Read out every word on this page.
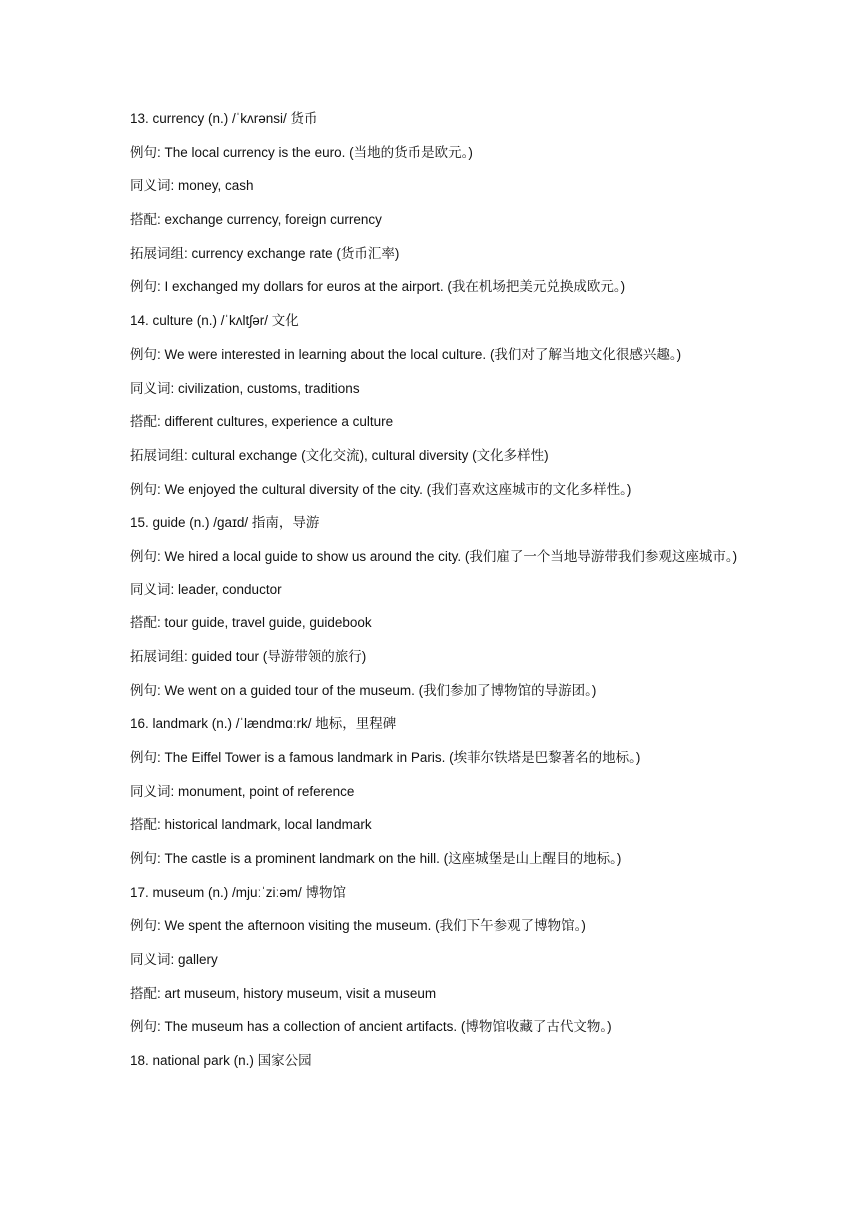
13. currency (n.) /ˈkʌrənsi/ 货币
例句: The local currency is the euro. (当地的货币是欧元。)
同义词: money, cash
搭配: exchange currency, foreign currency
拓展词组: currency exchange rate (货币汇率)
例句: I exchanged my dollars for euros at the airport. (我在机场把美元兑换成欧元。)
14. culture (n.) /ˈkʌltʃər/ 文化
例句: We were interested in learning about the local culture. (我们对了解当地文化很感兴趣。)
同义词: civilization, customs, traditions
搭配: different cultures, experience a culture
拓展词组: cultural exchange (文化交流), cultural diversity (文化多样性)
例句: We enjoyed the cultural diversity of the city. (我们喜欢这座城市的文化多样性。)
15. guide (n.) /ɡaɪd/ 指南，导游
例句: We hired a local guide to show us around the city. (我们雇了一个当地导游带我们参观这座城市。)
同义词: leader, conductor
搭配: tour guide, travel guide, guidebook
拓展词组: guided tour (导游带领的旅行)
例句: We went on a guided tour of the museum. (我们参加了博物馆的导游团。)
16. landmark (n.) /ˈlændmɑːrk/ 地标，里程碑
例句: The Eiffel Tower is a famous landmark in Paris. (埃菲尔铁塔是巴黎著名的地标。)
同义词: monument, point of reference
搭配: historical landmark, local landmark
例句: The castle is a prominent landmark on the hill. (这座城堡是山上醒目的地标。)
17. museum (n.) /mjuːˈziːəm/ 博物馆
例句: We spent the afternoon visiting the museum. (我们下午参观了博物馆。)
同义词: gallery
搭配: art museum, history museum, visit a museum
例句: The museum has a collection of ancient artifacts. (博物馆收藏了古代文物。)
18. national park (n.) 国家公园
